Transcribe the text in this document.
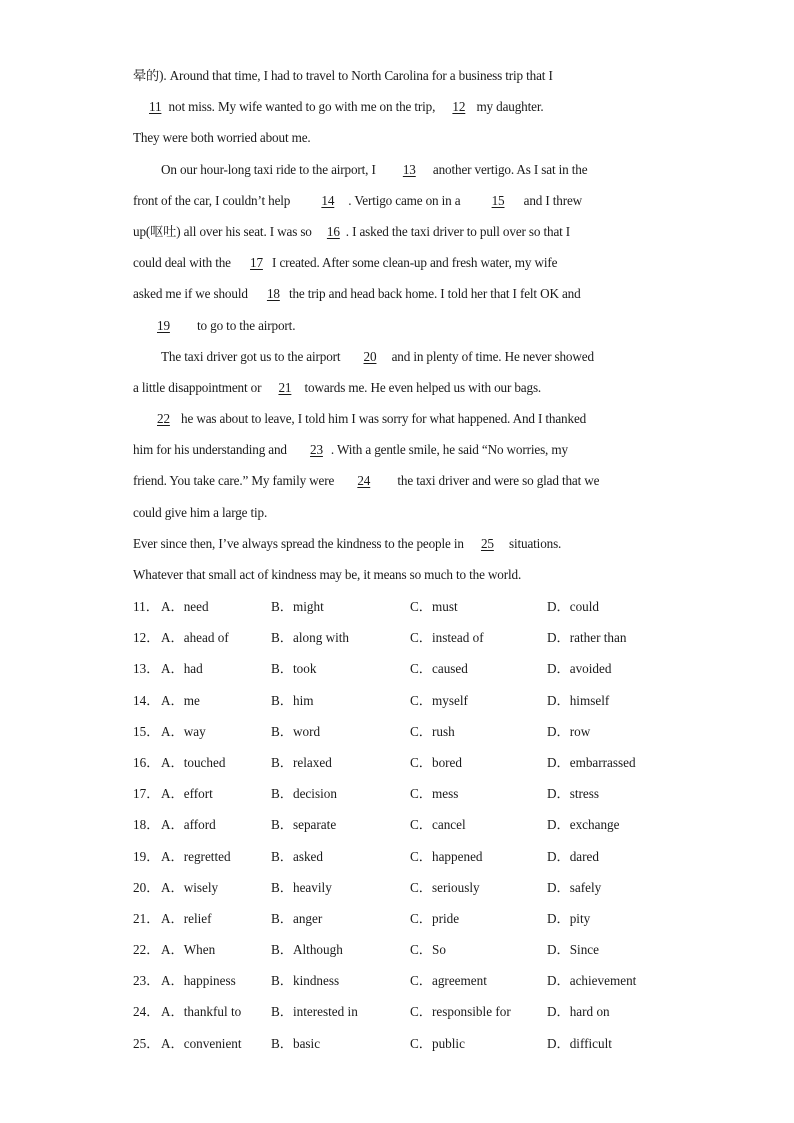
晕的). Around that time, I had to travel to North Carolina for a business trip that I
11 not miss. My wife wanted to go with me on the trip, 12 my daughter.
They were both worried about me.
On our hour-long taxi ride to the airport, I 13 another vertigo. As I sat in the
front of the car, I couldn’t help 14 . Vertigo came on in a 15 and I threw
up(呕吐) all over his seat. I was so 16 . I asked the taxi driver to pull over so that I
could deal with the 17 I created. After some clean-up and fresh water, my wife
asked me if we should 18 the trip and head back home. I told her that I felt OK and
19 to go to the airport.
The taxi driver got us to the airport 20 and in plenty of time. He never showed
a little disappointment or 21 towards me. He even helped us with our bags.
22 he was about to leave, I told him I was sorry for what happened. And I thanked
him for his understanding and 23 . With a gentle smile, he said “No worries, my
friend. You take care.” My family were 24 the taxi driver and were so glad that we
could give him a large tip.
Ever since then, I’ve always spread the kindness to the people in 25 situations.
Whatever that small act of kindness may be, it means so much to the world.
11． A．need	B．might	C．must	D．could
12． A．ahead of	B．along with	C．instead of	D．rather than
13． A．had	B．took	C．caused	D．avoided
14． A．me	B．him	C．myself	D．himself
15． A．way	B．word	C．rush	D．row
16． A．touched	B．relaxed	C．bored	D．embarrassed
17． A．effort	B．decision	C．mess	D．stress
18． A．afford	B．separate	C．cancel	D．exchange
19． A．regretted	B．asked	C．happened	D．dared
20． A．wisely	B．heavily	C．seriously	D．safely
21． A．relief	B．anger	C．pride	D．pity
22． A．When	B．Although	C．So	D．Since
23． A．happiness	B．kindness	C．agreement	D．achievement
24． A．thankful to B．interested in	C．responsible for	D．hard on
25． A．convenient B．basic	C．public	D．difficult
